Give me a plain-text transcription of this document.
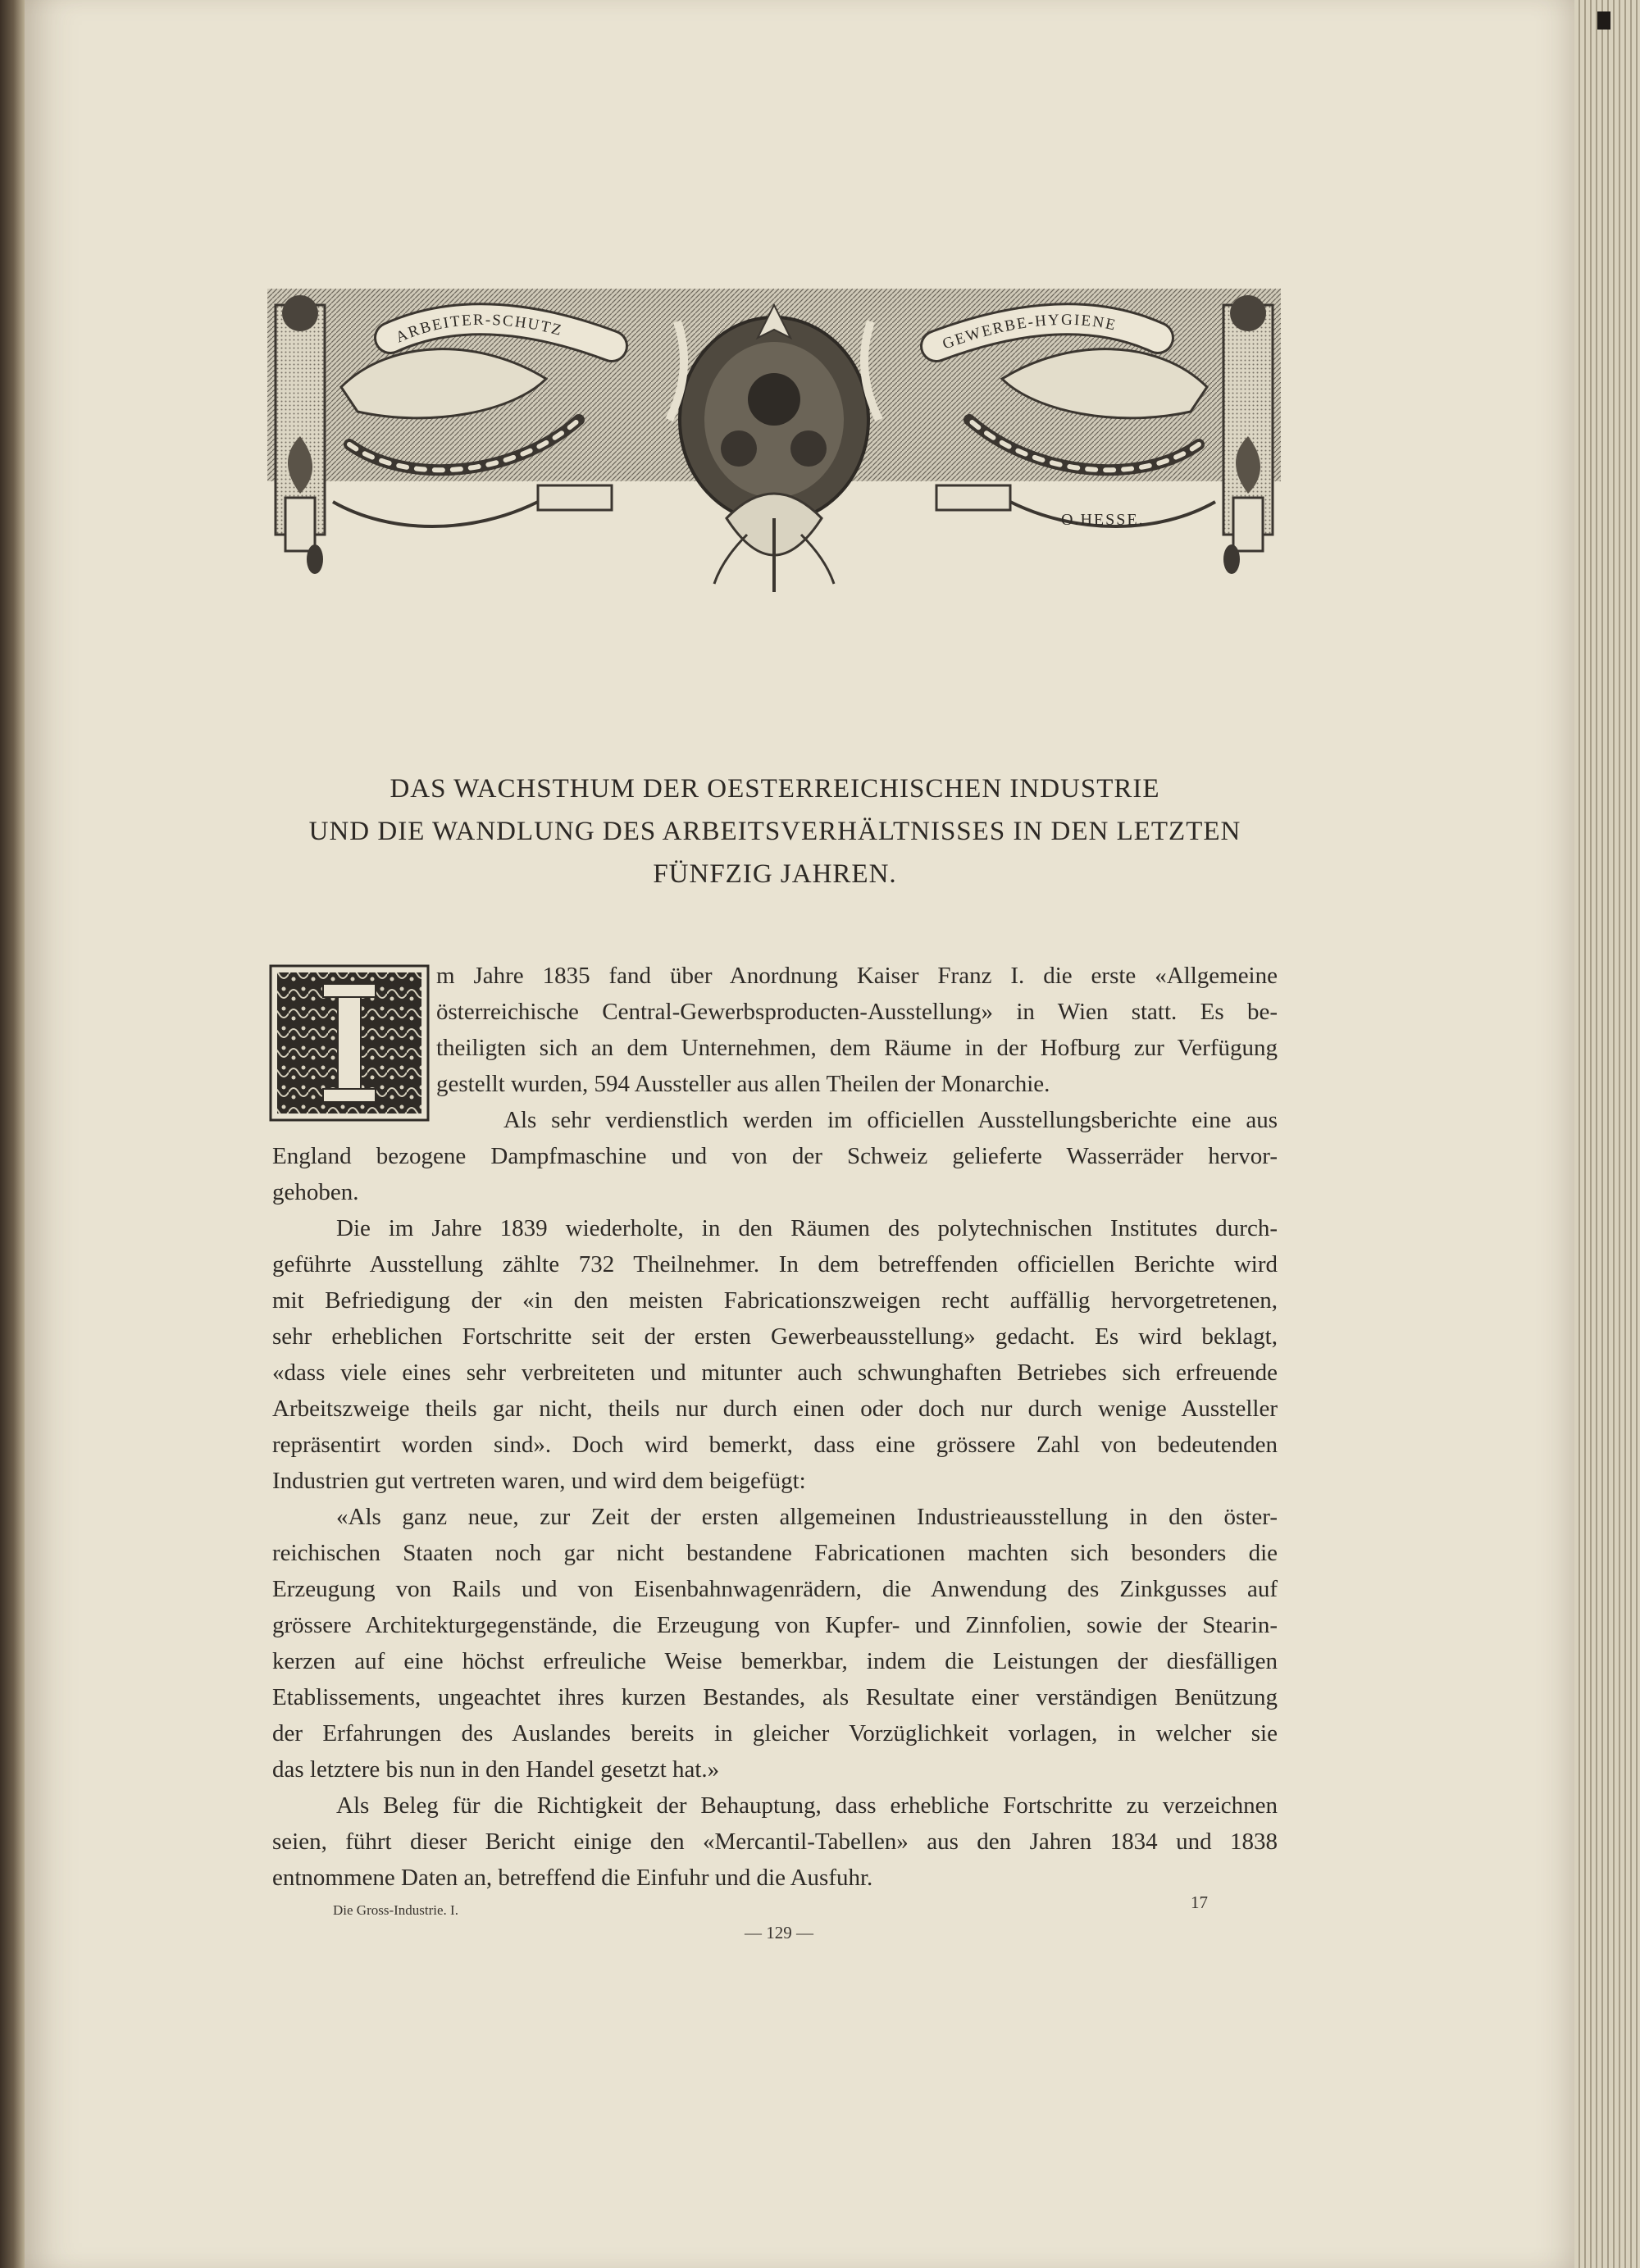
ARBEITER-SCHUTZ
GEWERBE-HYGIENE
O.HESSE.
DAS WACHSTHUM DER OESTERREICHISCHEN INDUSTRIE
UND DIE WANDLUNG DES ARBEITSVERHÄLTNISSES IN DEN LETZTEN
FÜNFZIG JAHREN.
m Jahre 1835 fand über Anordnung Kaiser Franz I. die erste «Allgemeine
österreichische Central-Gewerbsproducten-Ausstellung» in Wien statt. Es be-
theiligten sich an dem Unternehmen, dem Räume in der Hofburg zur Verfügung
gestellt wurden, 594 Aussteller aus allen Theilen der Monarchie.
Als sehr verdienstlich werden im officiellen Ausstellungsberichte eine aus
England bezogene Dampfmaschine und von der Schweiz gelieferte Wasserräder hervor-
gehoben.
Die im Jahre 1839 wiederholte, in den Räumen des polytechnischen Institutes durch-
geführte Ausstellung zählte 732 Theilnehmer. In dem betreffenden officiellen Berichte wird
mit Befriedigung der «in den meisten Fabricationszweigen recht auffällig hervorgetretenen,
sehr erheblichen Fortschritte seit der ersten Gewerbeausstellung» gedacht. Es wird beklagt,
«dass viele eines sehr verbreiteten und mitunter auch schwunghaften Betriebes sich erfreuende
Arbeitszweige theils gar nicht, theils nur durch einen oder doch nur durch wenige Aussteller
repräsentirt worden sind». Doch wird bemerkt, dass eine grössere Zahl von bedeutenden
Industrien gut vertreten waren, und wird dem beigefügt:
«Als ganz neue, zur Zeit der ersten allgemeinen Industrieausstellung in den öster-
reichischen Staaten noch gar nicht bestandene Fabricationen machten sich besonders die
Erzeugung von Rails und von Eisenbahnwagenrädern, die Anwendung des Zinkgusses auf
grössere Architekturgegenstände, die Erzeugung von Kupfer- und Zinnfolien, sowie der Stearin-
kerzen auf eine höchst erfreuliche Weise bemerkbar, indem die Leistungen der diesfälligen
Etablissements, ungeachtet ihres kurzen Bestandes, als Resultate einer verständigen Benützung
der Erfahrungen des Auslandes bereits in gleicher Vorzüglichkeit vorlagen, in welcher sie
das letztere bis nun in den Handel gesetzt hat.»
Als Beleg für die Richtigkeit der Behauptung, dass erhebliche Fortschritte zu verzeichnen
seien, führt dieser Bericht einige den «Mercantil-Tabellen» aus den Jahren 1834 und 1838
entnommene Daten an, betreffend die Einfuhr und die Ausfuhr.
Die Gross-Industrie. I.
— 129 —
17
